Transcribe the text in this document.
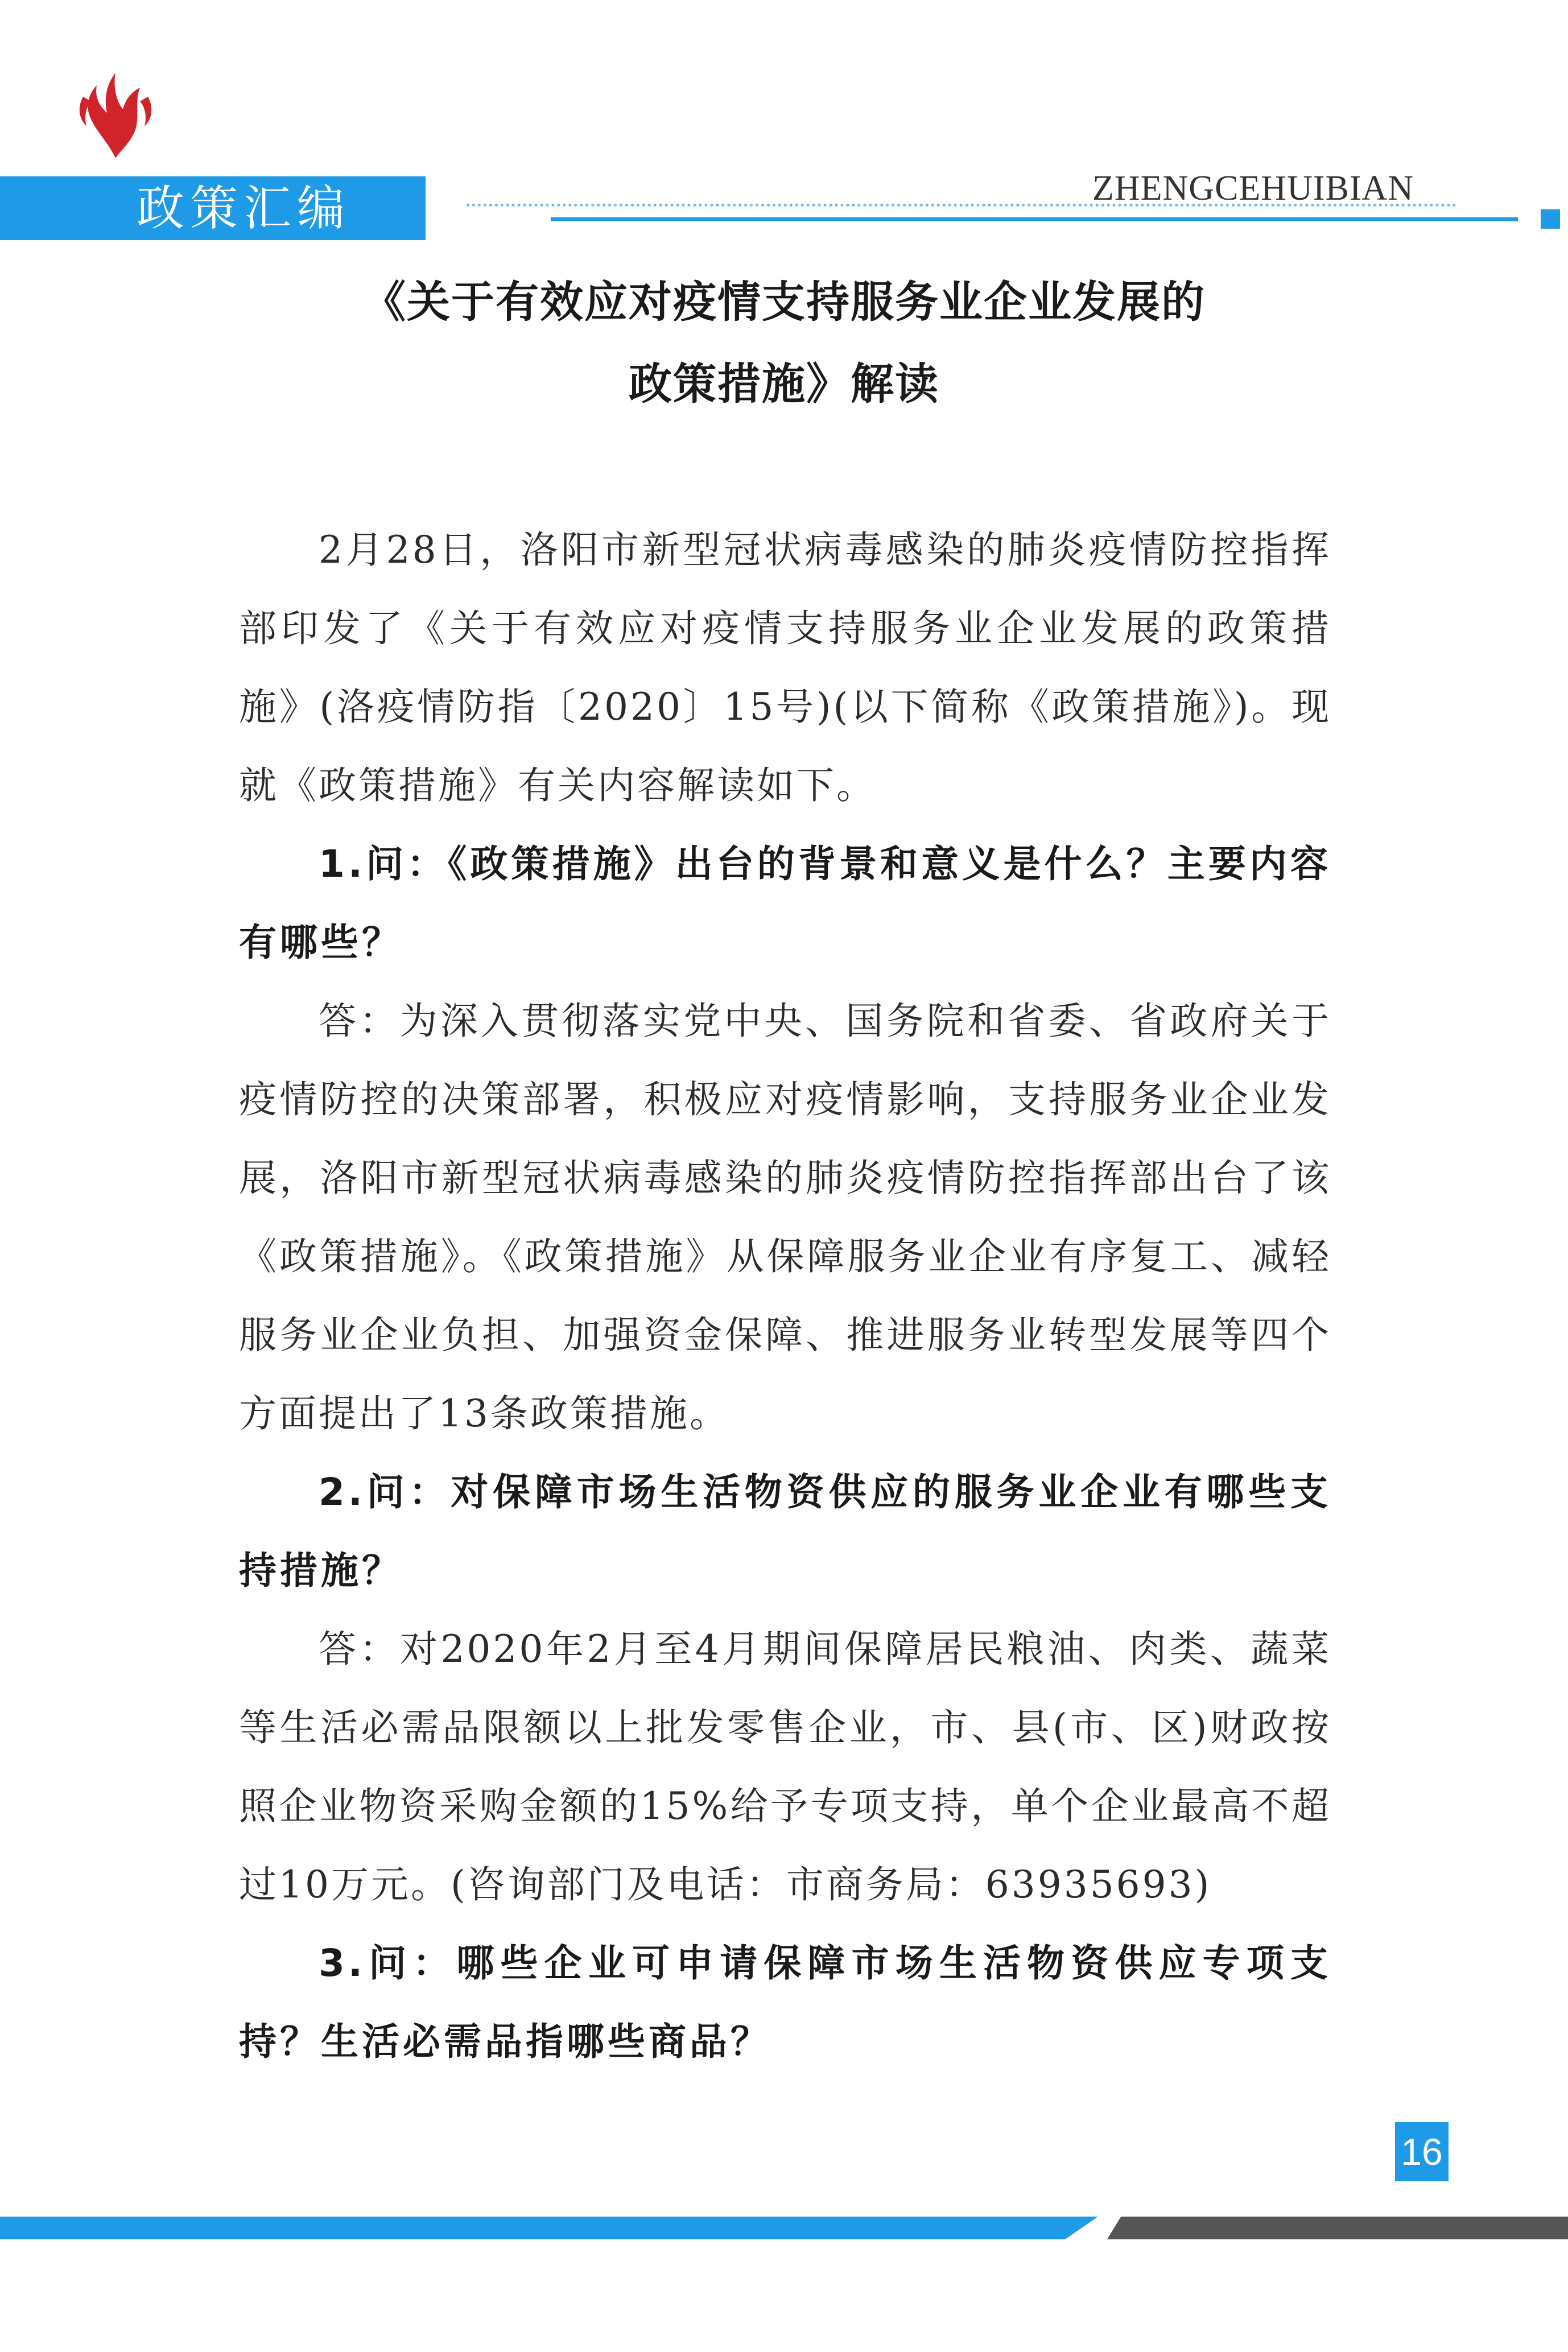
政策汇编	ZHENGCEHUIBIAN
《关于有效应对疫情支持服务业企业发展的
政策措施》解读

2月28日，洛阳市新型冠状病毒感染的肺炎疫情防控指挥部印发了《关于有效应对疫情支持服务业企业发展的政策措施》(洛疫情防指〔2020〕15号)(以下简称《政策措施》)。现就《政策措施》有关内容解读如下。

1.问：《政策措施》出台的背景和意义是什么？主要内容有哪些？

答：为深入贯彻落实党中央、国务院和省委、省政府关于疫情防控的决策部署，积极应对疫情影响，支持服务业企业发展，洛阳市新型冠状病毒感染的肺炎疫情防控指挥部出台了该《政策措施》。《政策措施》从保障服务业企业有序复工、减轻服务业企业负担、加强资金保障、推进服务业转型发展等四个方面提出了13条政策措施。

2.问：对保障市场生活物资供应的服务业企业有哪些支持措施？

答：对2020年2月至4月期间保障居民粮油、肉类、蔬菜等生活必需品限额以上批发零售企业，市、县(市、区)财政按照企业物资采购金额的15%给予专项支持，单个企业最高不超过10万元。(咨询部门及电话：市商务局：63935693)

3.问：哪些企业可申请保障市场生活物资供应专项支持？生活必需品指哪些商品？

16
